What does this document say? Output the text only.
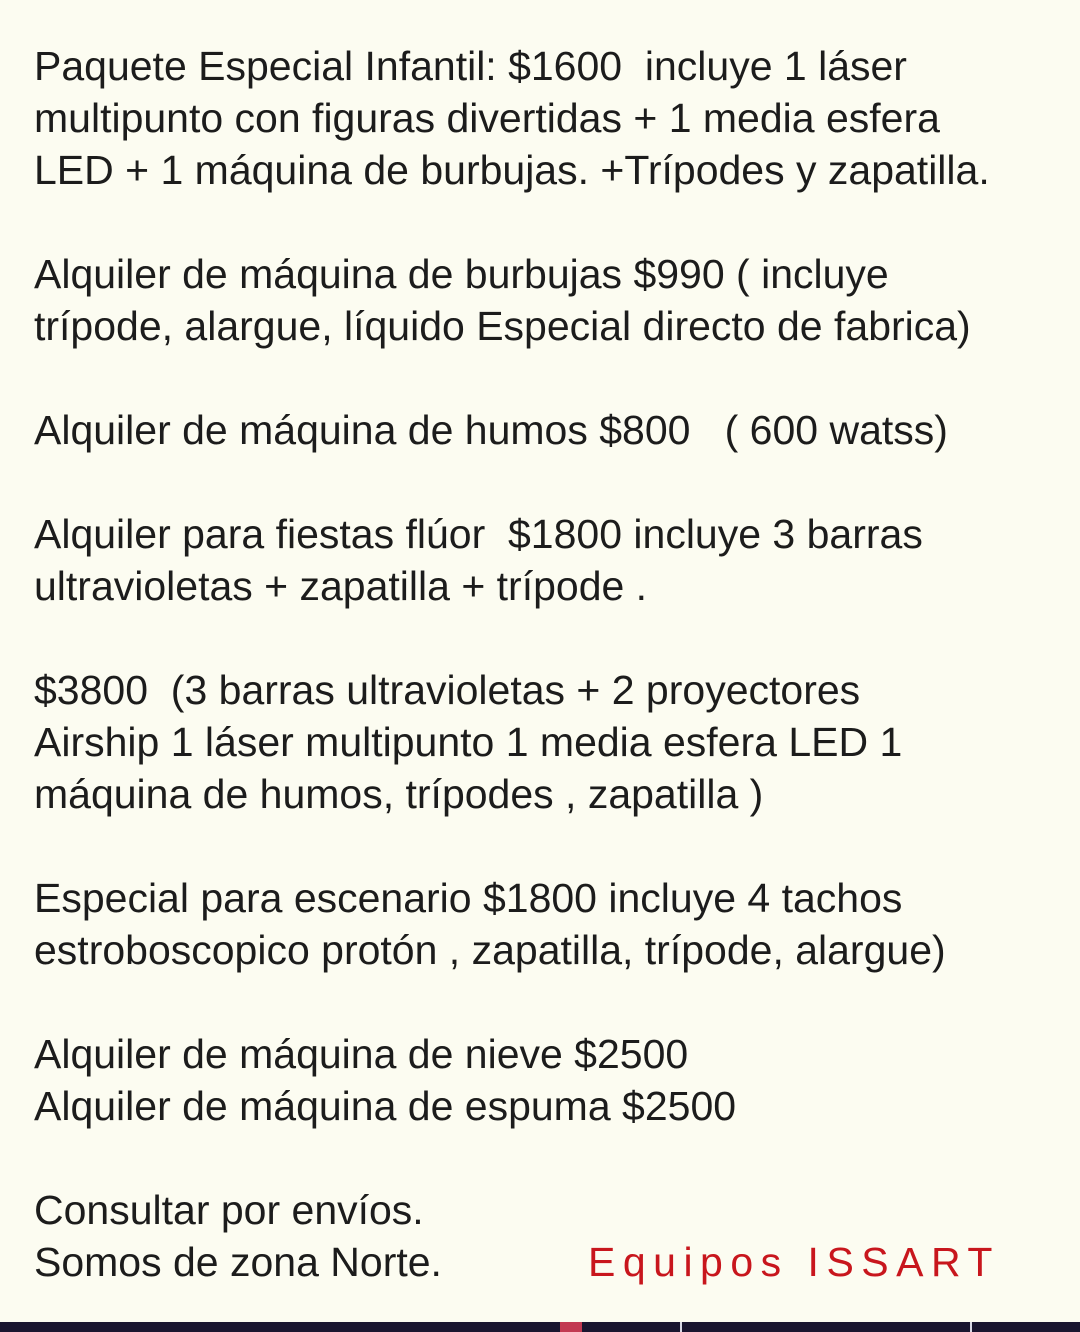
Paquete Especial Infantil: $1600  incluye 1 láser
multipunto con figuras divertidas + 1 media esfera
LED + 1 máquina de burbujas. +Trípodes y zapatilla.
Alquiler de máquina de burbujas $990 ( incluye
trípode, alargue, líquido Especial directo de fabrica)
Alquiler de máquina de humos $800   ( 600 watss)
Alquiler para fiestas flúor  $1800 incluye 3 barras
ultravioletas + zapatilla + trípode .
$3800  (3 barras ultravioletas + 2 proyectores
Airship 1 láser multipunto 1 media esfera LED 1
máquina de humos, trípodes , zapatilla )
Especial para escenario $1800 incluye 4 tachos
estroboscopico protón , zapatilla, trípode, alargue)
Alquiler de máquina de nieve $2500
Alquiler de máquina de espuma $2500
Consultar por envíos.
Somos de zona Norte.	Equipos ISSART
